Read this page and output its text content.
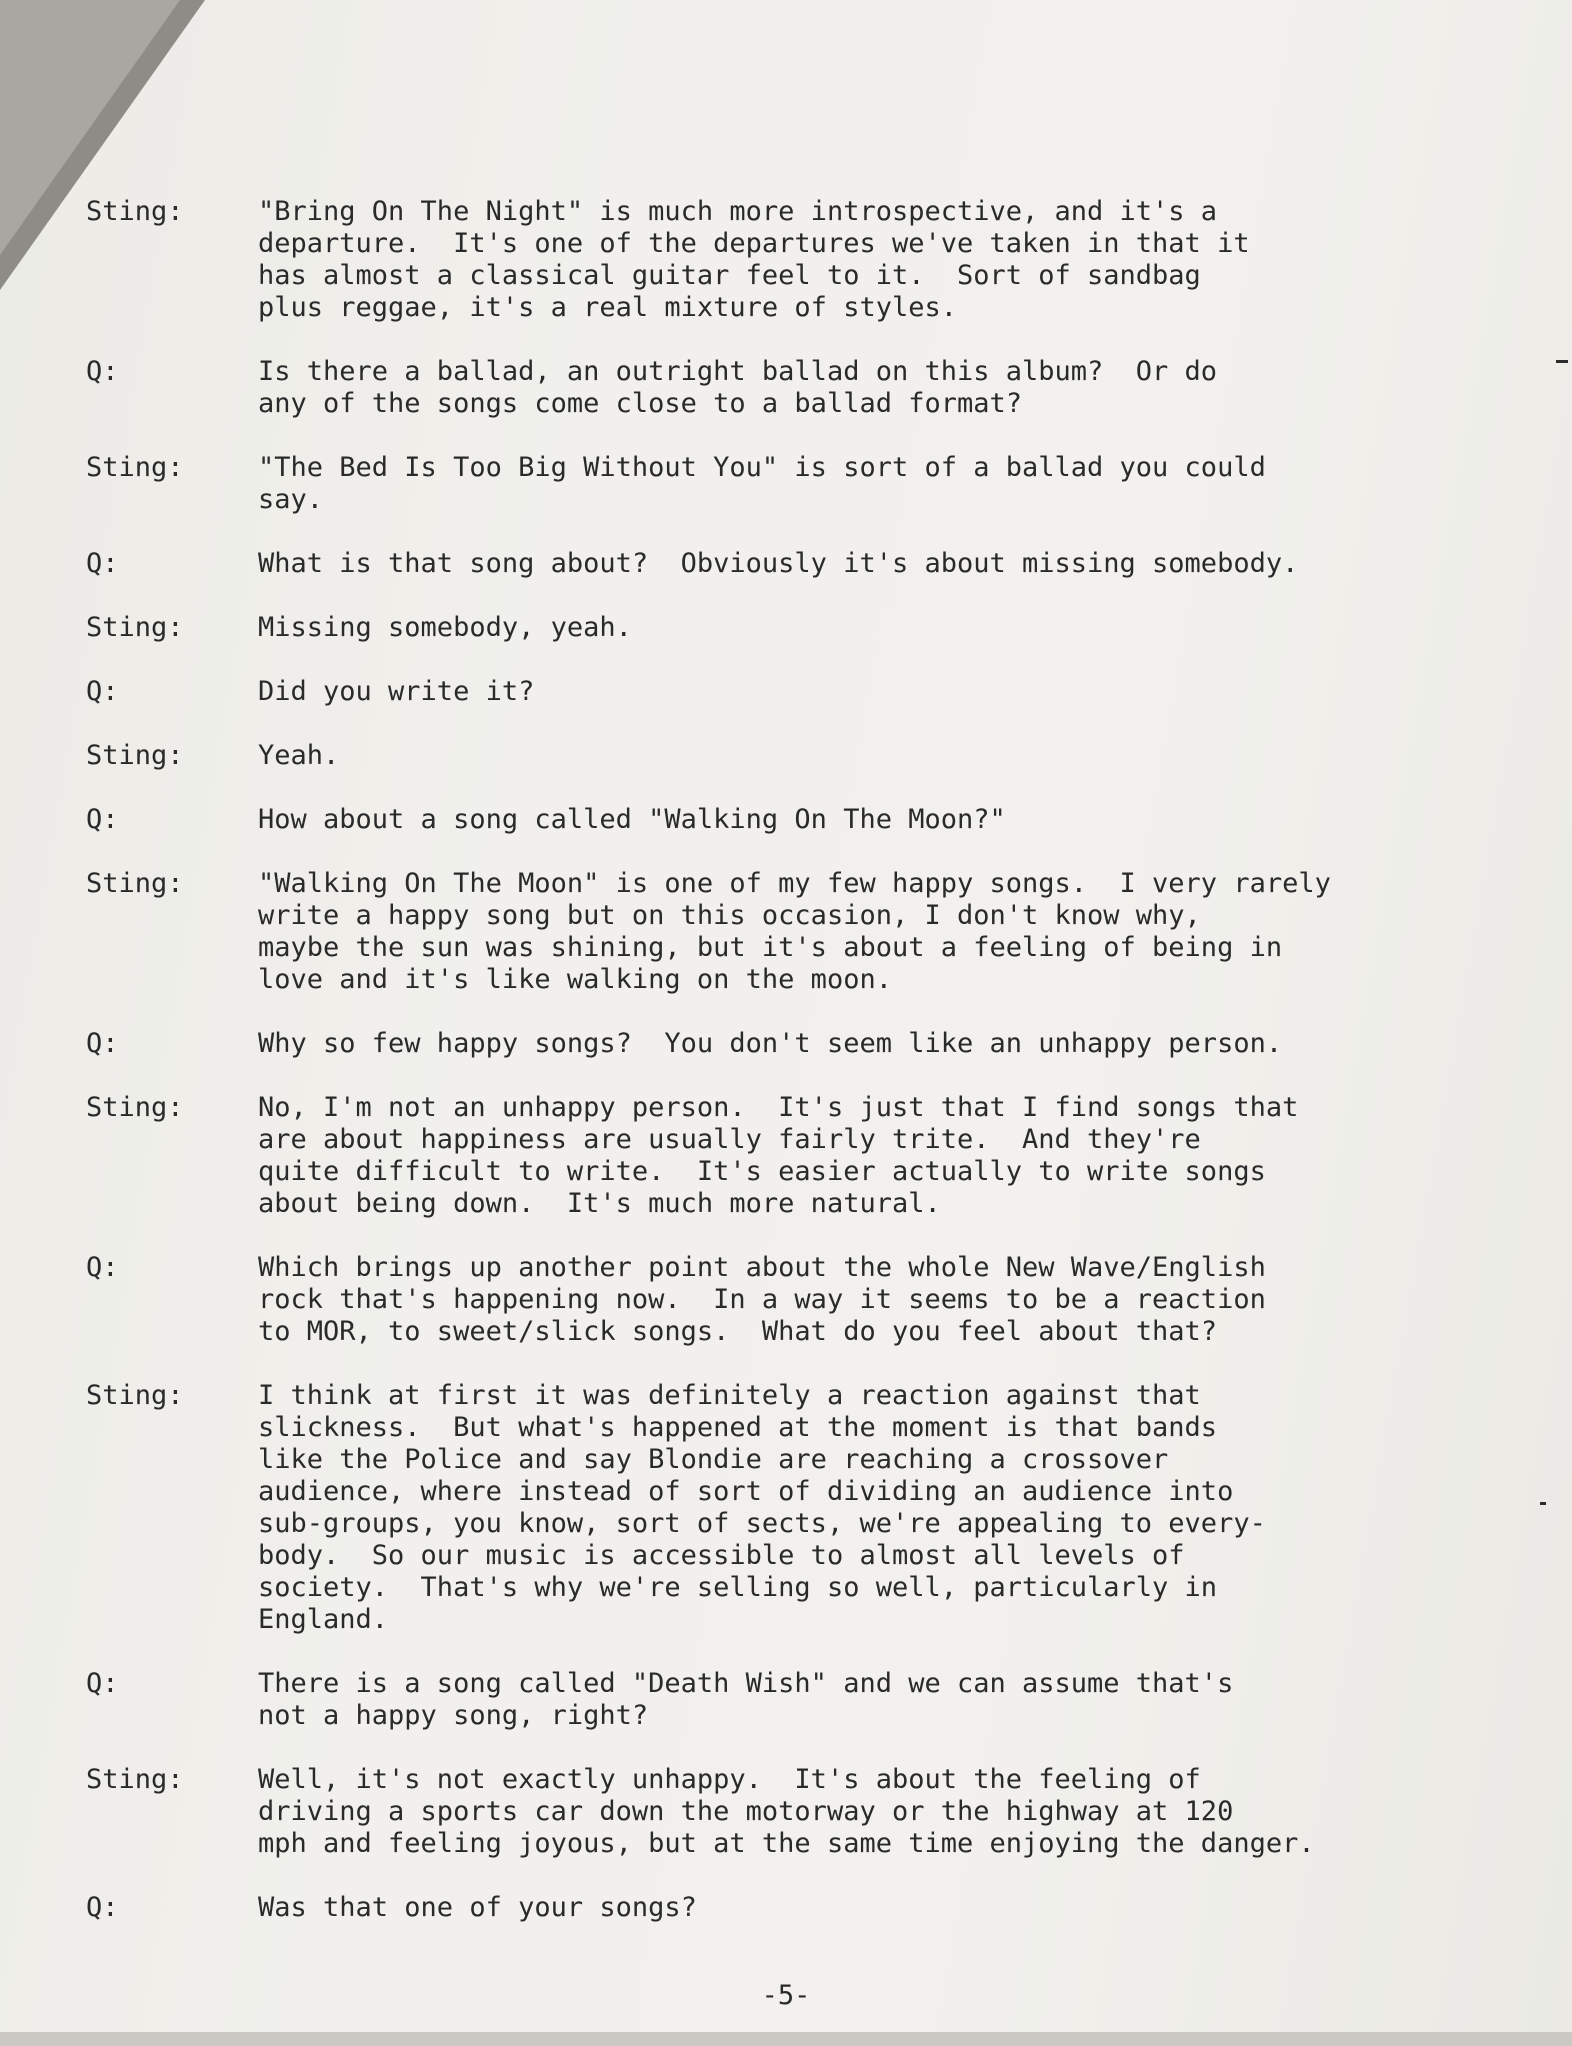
Sting:	"Bring On The Night" is much more introspective, and it's a
departure.  It's one of the departures we've taken in that it
has almost a classical guitar feel to it.  Sort of sandbag
plus reggae, it's a real mixture of styles.
Q:	Is there a ballad, an outright ballad on this album?  Or do
any of the songs come close to a ballad format?
Sting:	"The Bed Is Too Big Without You" is sort of a ballad you could
say.
Q:	What is that song about?  Obviously it's about missing somebody.
Sting:	Missing somebody, yeah.
Q:	Did you write it?
Sting:	Yeah.
Q:	How about a song called "Walking On The Moon?"
Sting:	"Walking On The Moon" is one of my few happy songs.  I very rarely
write a happy song but on this occasion, I don't know why,
maybe the sun was shining, but it's about a feeling of being in
love and it's like walking on the moon.
Q:	Why so few happy songs?  You don't seem like an unhappy person.
Sting:	No, I'm not an unhappy person.  It's just that I find songs that
are about happiness are usually fairly trite.  And they're
quite difficult to write.  It's easier actually to write songs
about being down.  It's much more natural.
Q:	Which brings up another point about the whole New Wave/English
rock that's happening now.  In a way it seems to be a reaction
to MOR, to sweet/slick songs.  What do you feel about that?
Sting:	I think at first it was definitely a reaction against that
slickness.  But what's happened at the moment is that bands
like the Police and say Blondie are reaching a crossover
audience, where instead of sort of dividing an audience into
sub-groups, you know, sort of sects, we're appealing to every-
body.  So our music is accessible to almost all levels of
society.  That's why we're selling so well, particularly in
England.
Q:	There is a song called "Death Wish" and we can assume that's
not a happy song, right?
Sting:	Well, it's not exactly unhappy.  It's about the feeling of
driving a sports car down the motorway or the highway at 120
mph and feeling joyous, but at the same time enjoying the danger.
Q:	Was that one of your songs?
-5-
